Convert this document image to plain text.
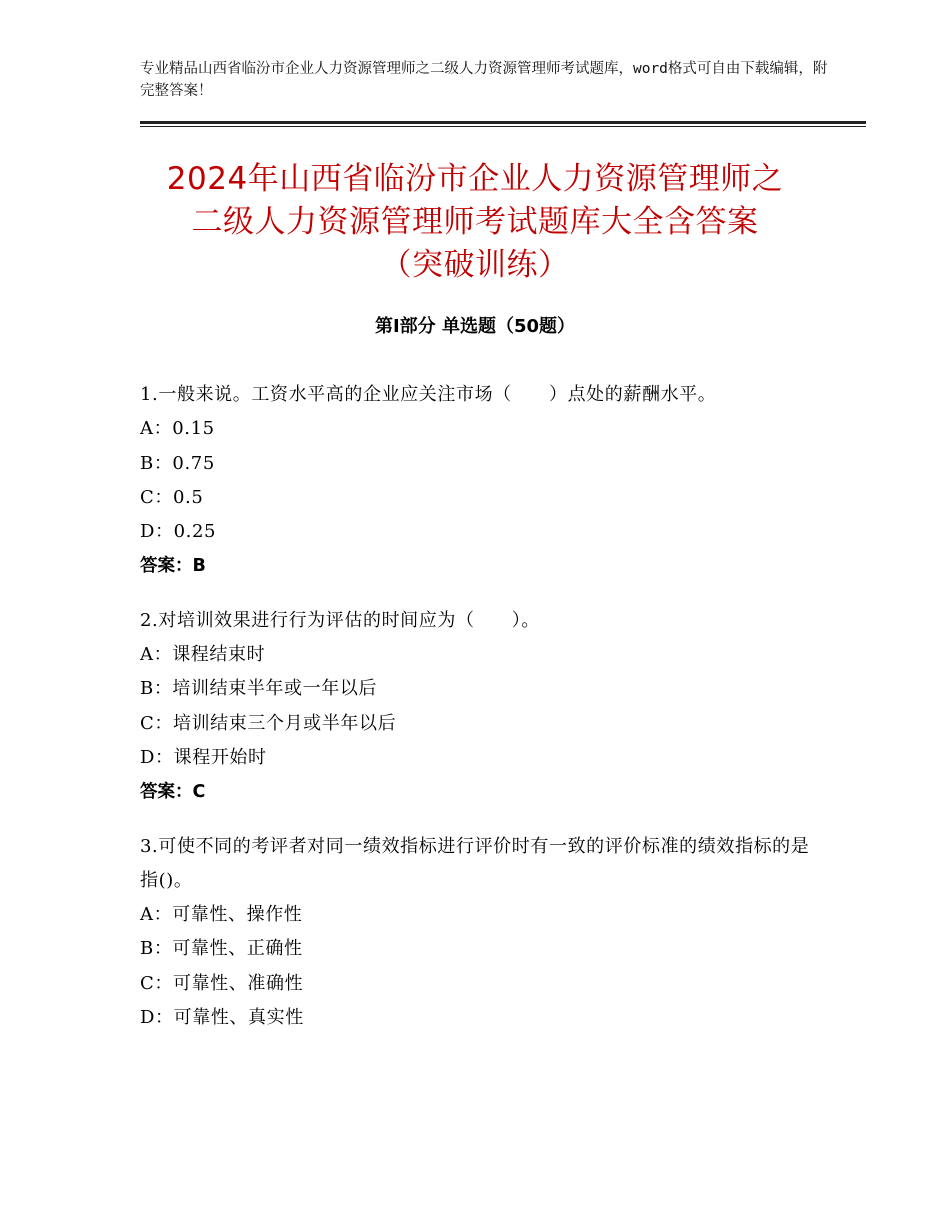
专业精品山西省临汾市企业人力资源管理师之二级人力资源管理师考试题库，word格式可自由下载编辑，附完整答案！
2024年山西省临汾市企业人力资源管理师之
二级人力资源管理师考试题库大全含答案
（突破训练）
第Ⅰ部分 单选题（50题）
1.一般来说。工资水平高的企业应关注市场（　　）点处的薪酬水平。
A：0.15
B：0.75
C：0.5
D：0.25
答案：B
2.对培训效果进行行为评估的时间应为（　　）。
A：课程结束时
B：培训结束半年或一年以后
C：培训结束三个月或半年以后
D：课程开始时
答案：C
3.可使不同的考评者对同一绩效指标进行评价时有一致的评价标准的绩效指标的是指()。
A：可靠性、操作性
B：可靠性、正确性
C：可靠性、准确性
D：可靠性、真实性
